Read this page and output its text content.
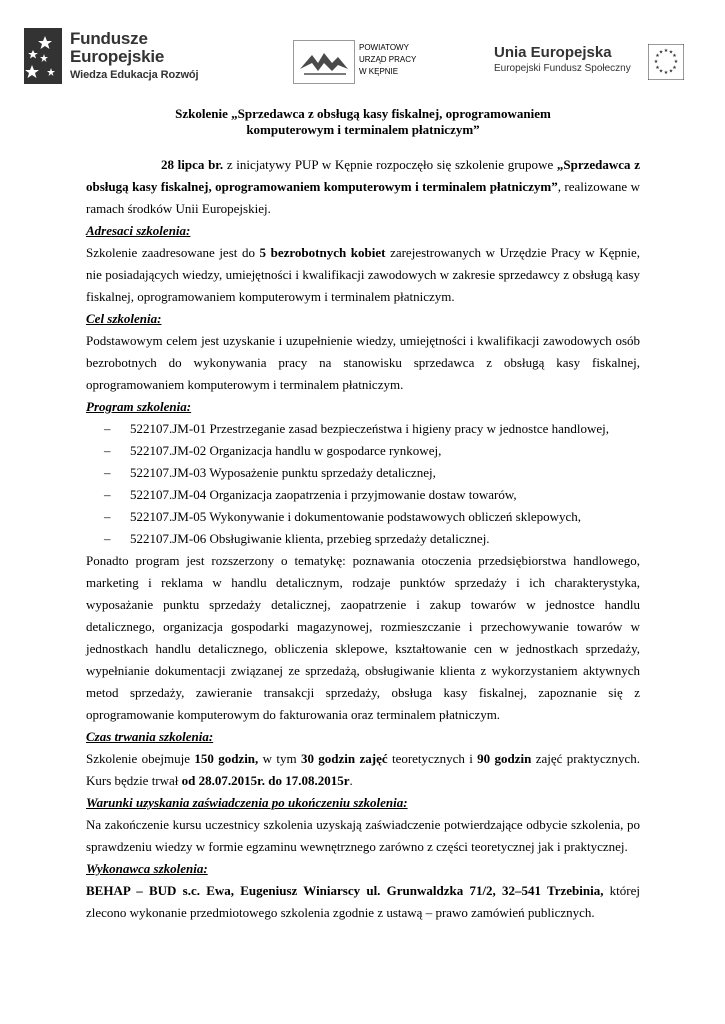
Fundusze
Europejskie
Wiedza Edukacja Rozwój
POWIATOWY
URZĄD PRACY
W KĘPNIE
Unia Europejska
Europejski Fundusz Społeczny
★ ★
★
★
★
★
★
★
★
★
★
★
Szkolenie „Sprzedawca z obsługą kasy fiskalnej, oprogramowaniem
komputerowym i terminalem płatniczym”

28 lipca br. z inicjatywy PUP w Kępnie rozpoczęło się szkolenie grupowe „Sprzedawca z obsługą kasy fiskalnej, oprogramowaniem komputerowym i terminalem płatniczym”, realizowane w ramach środków Unii Europejskiej.

Adresaci szkolenia:

Szkolenie zaadresowane jest do 5 bezrobotnych kobiet zarejestrowanych w Urzędzie Pracy w Kępnie, nie posiadających wiedzy, umiejętności i kwalifikacji zawodowych w zakresie sprzedawcy z obsługą kasy fiskalnej, oprogramowaniem komputerowym i terminalem płatniczym.

Cel szkolenia:

Podstawowym celem jest uzyskanie i uzupełnienie wiedzy, umiejętności i kwalifikacji zawodowych osób bezrobotnych do wykonywania pracy na stanowisku sprzedawca z obsługą kasy fiskalnej, oprogramowaniem komputerowym i terminalem płatniczym.

Program szkolenia:
– 522107.JM-01 Przestrzeganie zasad bezpieczeństwa i higieny pracy w jednostce handlowej,
– 522107.JM-02 Organizacja handlu w gospodarce rynkowej,
– 522107.JM-03 Wyposażenie punktu sprzedaży detalicznej,
– 522107.JM-04 Organizacja zaopatrzenia i przyjmowanie dostaw towarów,
– 522107.JM-05 Wykonywanie i dokumentowanie podstawowych obliczeń sklepowych,
– 522107.JM-06 Obsługiwanie klienta, przebieg sprzedaży detalicznej.

Ponadto program jest rozszerzony o tematykę: poznawania otoczenia przedsiębiorstwa handlowego, marketing i reklama w handlu detalicznym, rodzaje punktów sprzedaży i ich charakterystyka, wyposażanie punktu sprzedaży detalicznej, zaopatrzenie i zakup towarów w jednostce handlu detalicznego, organizacja gospodarki magazynowej, rozmieszczanie i przechowywanie towarów w jednostkach handlu detalicznego, obliczenia sklepowe, kształtowanie cen w jednostkach sprzedaży, wypełnianie dokumentacji związanej ze sprzedażą, obsługiwanie klienta z wykorzystaniem aktywnych metod sprzedaży, zawieranie transakcji sprzedaży, obsługa kasy fiskalnej, zapoznanie się z oprogramowanie komputerowym do fakturowania oraz terminalem płatniczym.

Czas trwania szkolenia:

Szkolenie obejmuje 150 godzin, w tym 30 godzin zajęć teoretycznych i 90 godzin zajęć praktycznych. Kurs będzie trwał od 28.07.2015r. do 17.08.2015r.

Warunki uzyskania zaświadczenia po ukończeniu szkolenia:

Na zakończenie kursu uczestnicy szkolenia uzyskają zaświadczenie potwierdzające odbycie szkolenia, po sprawdzeniu wiedzy w formie egzaminu wewnętrznego zarówno z części teoretycznej jak i praktycznej.

Wykonawca szkolenia:

BEHAP – BUD s.c. Ewa, Eugeniusz Winiarscy ul. Grunwaldzka 71/2, 32–541 Trzebinia, której zlecono wykonanie przedmiotowego szkolenia zgodnie z ustawą – prawo zamówień publicznych.
